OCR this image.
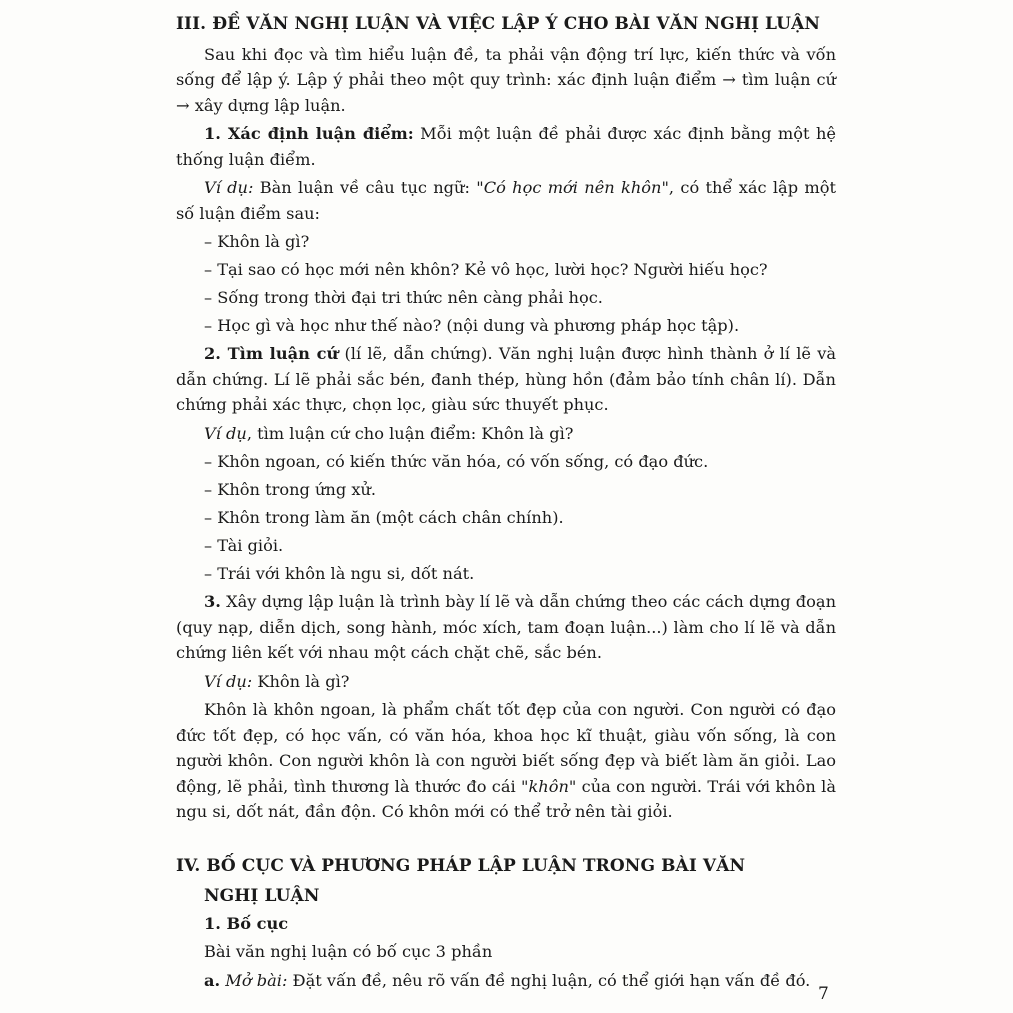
III. ĐỀ VĂN NGHỊ LUẬN VÀ VIỆC LẬP Ý CHO BÀI VĂN NGHỊ LUẬN

Sau khi đọc và tìm hiểu luận đề, ta phải vận động trí lực, kiến thức và vốn sống để lập ý. Lập ý phải theo một quy trình: xác định luận điểm → tìm luận cứ → xây dựng lập luận.

1. Xác định luận điểm: Mỗi một luận đề phải được xác định bằng một hệ thống luận điểm.

Ví dụ: Bàn luận về câu tục ngữ: "Có học mới nên khôn", có thể xác lập một số luận điểm sau:

– Khôn là gì?

– Tại sao có học mới nên khôn? Kẻ vô học, lười học? Người hiếu học?

– Sống trong thời đại tri thức nên càng phải học.

– Học gì và học như thế nào? (nội dung và phương pháp học tập).

2. Tìm luận cứ (lí lẽ, dẫn chứng). Văn nghị luận được hình thành ở lí lẽ và dẫn chứng. Lí lẽ phải sắc bén, đanh thép, hùng hồn (đảm bảo tính chân lí). Dẫn chứng phải xác thực, chọn lọc, giàu sức thuyết phục.

Ví dụ, tìm luận cứ cho luận điểm: Khôn là gì?

– Khôn ngoan, có kiến thức văn hóa, có vốn sống, có đạo đức.

– Khôn trong ứng xử.

– Khôn trong làm ăn (một cách chân chính).

– Tài giỏi.

– Trái với khôn là ngu si, dốt nát.

3. Xây dựng lập luận là trình bày lí lẽ và dẫn chứng theo các cách dựng đoạn (quy nạp, diễn dịch, song hành, móc xích, tam đoạn luận...) làm cho lí lẽ và dẫn chứng liên kết với nhau một cách chặt chẽ, sắc bén.

Ví dụ: Khôn là gì?

Khôn là khôn ngoan, là phẩm chất tốt đẹp của con người. Con người có đạo đức tốt đẹp, có học vấn, có văn hóa, khoa học kĩ thuật, giàu vốn sống, là con người khôn. Con người khôn là con người biết sống đẹp và biết làm ăn giỏi. Lao động, lẽ phải, tình thương là thước đo cái "khôn" của con người. Trái với khôn là ngu si, dốt nát, đần độn. Có khôn mới có thể trở nên tài giỏi.

IV. BỐ CỤC VÀ PHƯƠNG PHÁP LẬP LUẬN TRONG BÀI VĂN
NGHỊ LUẬN

1. Bố cục

Bài văn nghị luận có bố cục 3 phần

a. Mở bài: Đặt vấn đề, nêu rõ vấn đề nghị luận, có thể giới hạn vấn đề đó.

7
